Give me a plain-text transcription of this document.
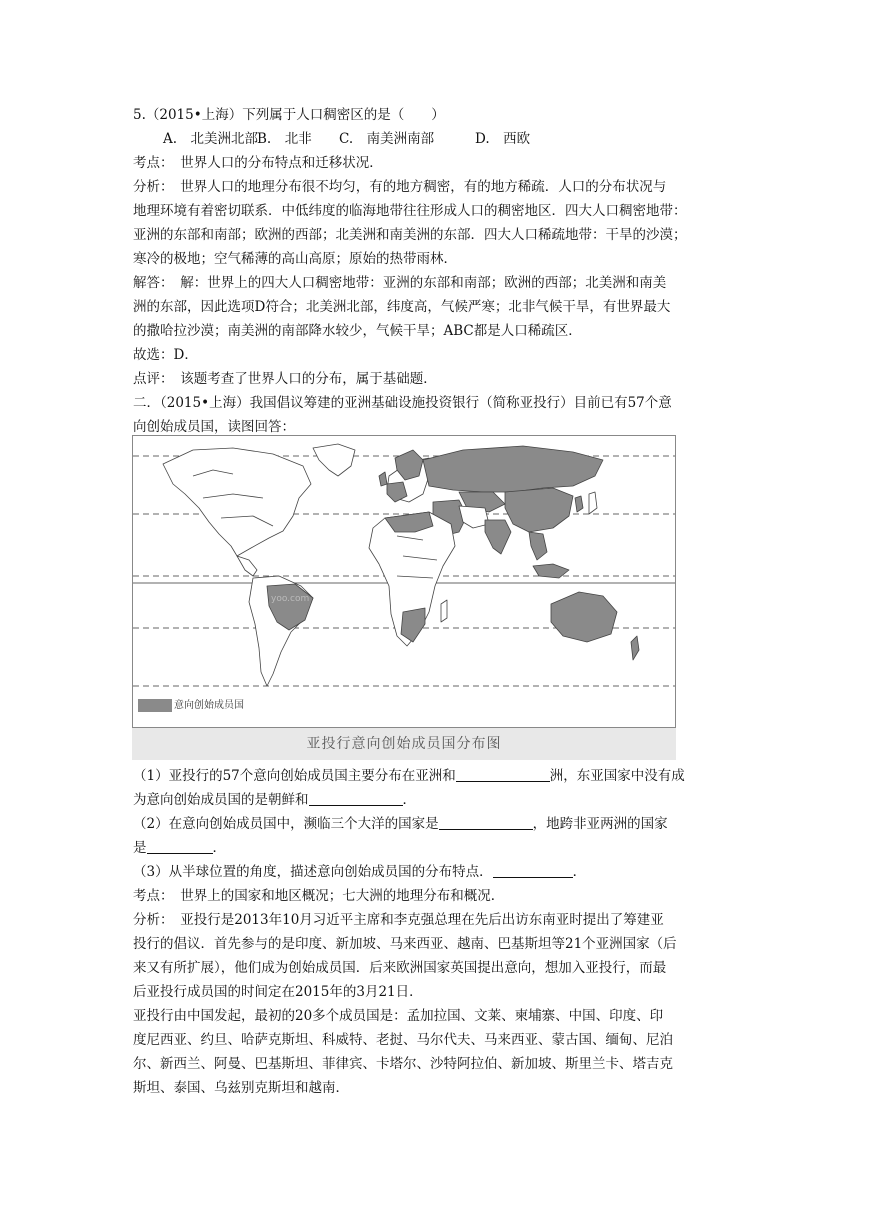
5.（2015•上海）下列属于人口稠密区的是（　　）
A.　北美洲北部B.　北非 C.　南美洲南部	D.　西欧
考点：　世界人口的分布特点和迁移状况．
分析：　世界人口的地理分布很不均匀，有的地方稠密，有的地方稀疏．人口的分布状况与
地理环境有着密切联系．中低纬度的临海地带往往形成人口的稠密地区．四大人口稠密地带：
亚洲的东部和南部；欧洲的西部；北美洲和南美洲的东部．四大人口稀疏地带：干旱的沙漠；
寒冷的极地；空气稀薄的高山高原；原始的热带雨林．
解答：　解：世界上的四大人口稠密地带：亚洲的东部和南部；欧洲的西部；北美洲和南美
洲的东部，因此选项D符合；北美洲北部，纬度高，气候严寒；北非气候干旱，有世界最大
的撒哈拉沙漠；南美洲的南部降水较少，气候干旱；ABC都是人口稀疏区．
故选：D．
点评：　该题考查了世界人口的分布，属于基础题．
二．（2015•上海）我国倡议筹建的亚洲基础设施投资银行（简称亚投行）目前已有57个意
向创始成员国，读图回答：
yoo.com
意向创始成员国
亚投行意向创始成员国分布图
（1）亚投行的57个意向创始成员国主要分布在亚洲和	洲，东亚国家中没有成
为意向创始成员国的是朝鲜和	．
（2）在意向创始成员国中，濒临三个大洋的国家是	，地跨非亚两洲的国家
是	．
（3）从半球位置的角度，描述意向创始成员国的分布特点．	．
考点：　世界上的国家和地区概况；七大洲的地理分布和概况．
分析：　亚投行是2013年10月习近平主席和李克强总理在先后出访东南亚时提出了筹建亚
投行的倡议．首先参与的是印度、新加坡、马来西亚、越南、巴基斯坦等21个亚洲国家（后
来又有所扩展），他们成为创始成员国．后来欧洲国家英国提出意向，想加入亚投行，而最
后亚投行成员国的时间定在2015年的3月21日．
亚投行由中国发起，最初的20多个成员国是：孟加拉国、文莱、柬埔寨、中国、印度、印
度尼西亚、约旦、哈萨克斯坦、科威特、老挝、马尔代夫、马来西亚、蒙古国、缅甸、尼泊
尔、新西兰、阿曼、巴基斯坦、菲律宾、卡塔尔、沙特阿拉伯、新加坡、斯里兰卡、塔吉克
斯坦、泰国、乌兹别克斯坦和越南．
